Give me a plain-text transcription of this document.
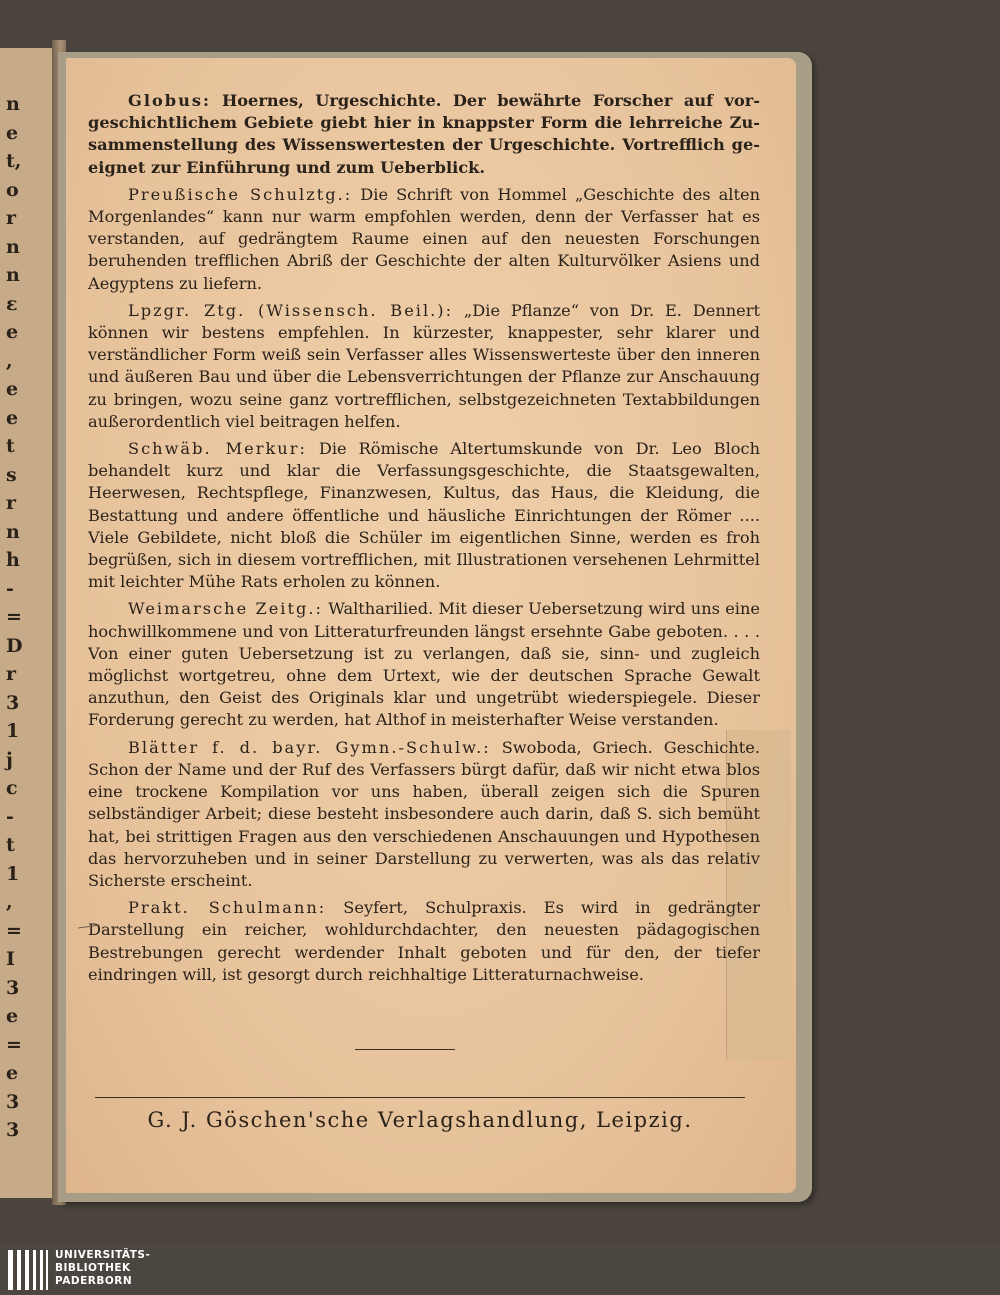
n
e
t,
o
r
n
n
ɛ
e
,
e
e
t
s
r
n
h
-
=
D
r
3
1
j
c
-
t
1
,
=
I
3
e
=
e
3
3

Globus: Hoernes, Urgeschichte. Der bewährte Forscher auf vorgeschichtlichem Gebiete giebt hier in knappster Form die lehrreiche Zusammenstellung des Wissenswertesten der Urgeschichte. Vortrefflich geeignet zur Einführung und zum Ueberblick.

Preußische Schulztg.: Die Schrift von Hommel „Geschichte des alten Morgenlandes“ kann nur warm empfohlen werden, denn der Verfasser hat es verstanden, auf gedrängtem Raume einen auf den neuesten Forschungen beruhenden trefflichen Abriß der Geschichte der alten Kulturvölker Asiens und Aegyptens zu liefern.

Lpzgr. Ztg. (Wissensch. Beil.): „Die Pflanze“ von Dr. E. Dennert können wir bestens empfehlen. In kürzester, knappester, sehr klarer und verständlicher Form weiß sein Verfasser alles Wissenswerteste über den inneren und äußeren Bau und über die Lebensverrichtungen der Pflanze zur Anschauung zu bringen, wozu seine ganz vortrefflichen, selbstgezeichneten Textabbildungen außerordentlich viel beitragen helfen.

Schwäb. Merkur: Die Römische Altertumskunde von Dr. Leo Bloch behandelt kurz und klar die Verfassungsgeschichte, die Staatsgewalten, Heerwesen, Rechtspflege, Finanzwesen, Kultus, das Haus, die Kleidung, die Bestattung und andere öffentliche und häusliche Einrichtungen der Römer .... Viele Gebildete, nicht bloß die Schüler im eigentlichen Sinne, werden es froh begrüßen, sich in diesem vortrefflichen, mit Illustrationen versehenen Lehrmittel mit leichter Mühe Rats erholen zu können.

Weimarsche Zeitg.: Waltharilied. Mit dieser Uebersetzung wird uns eine hochwillkommene und von Litteraturfreunden längst ersehnte Gabe geboten. . . . Von einer guten Uebersetzung ist zu verlangen, daß sie, sinn- und zugleich möglichst wortgetreu, ohne dem Urtext, wie der deutschen Sprache Gewalt anzuthun, den Geist des Originals klar und ungetrübt wiederspiegele. Dieser Forderung gerecht zu werden, hat Althof in meisterhafter Weise verstanden.

Blätter f. d. bayr. Gymn.-Schulw.: Swoboda, Griech. Geschichte. Schon der Name und der Ruf des Verfassers bürgt dafür, daß wir nicht etwa blos eine trockene Kompilation vor uns haben, überall zeigen sich die Spuren selbständiger Arbeit; diese besteht insbesondere auch darin, daß S. sich bemüht hat, bei strittigen Fragen aus den verschiedenen Anschauungen und Hypothesen das hervorzuheben und in seiner Darstellung zu verwerten, was als das relativ Sicherste erscheint.

Prakt. Schulmann: Seyfert, Schulpraxis. Es wird in gedrängter Darstellung ein reicher, wohldurchdachter, den neuesten pädagogischen Bestrebungen gerecht werdender Inhalt geboten und für den, der tiefer eindringen will, ist gesorgt durch reichhaltige Litteraturnachweise.

G. J. Göschen'sche Verlagshandlung, Leipzig.
UNIVERSITÄTS-
BIBLIOTHEK
PADERBORN
